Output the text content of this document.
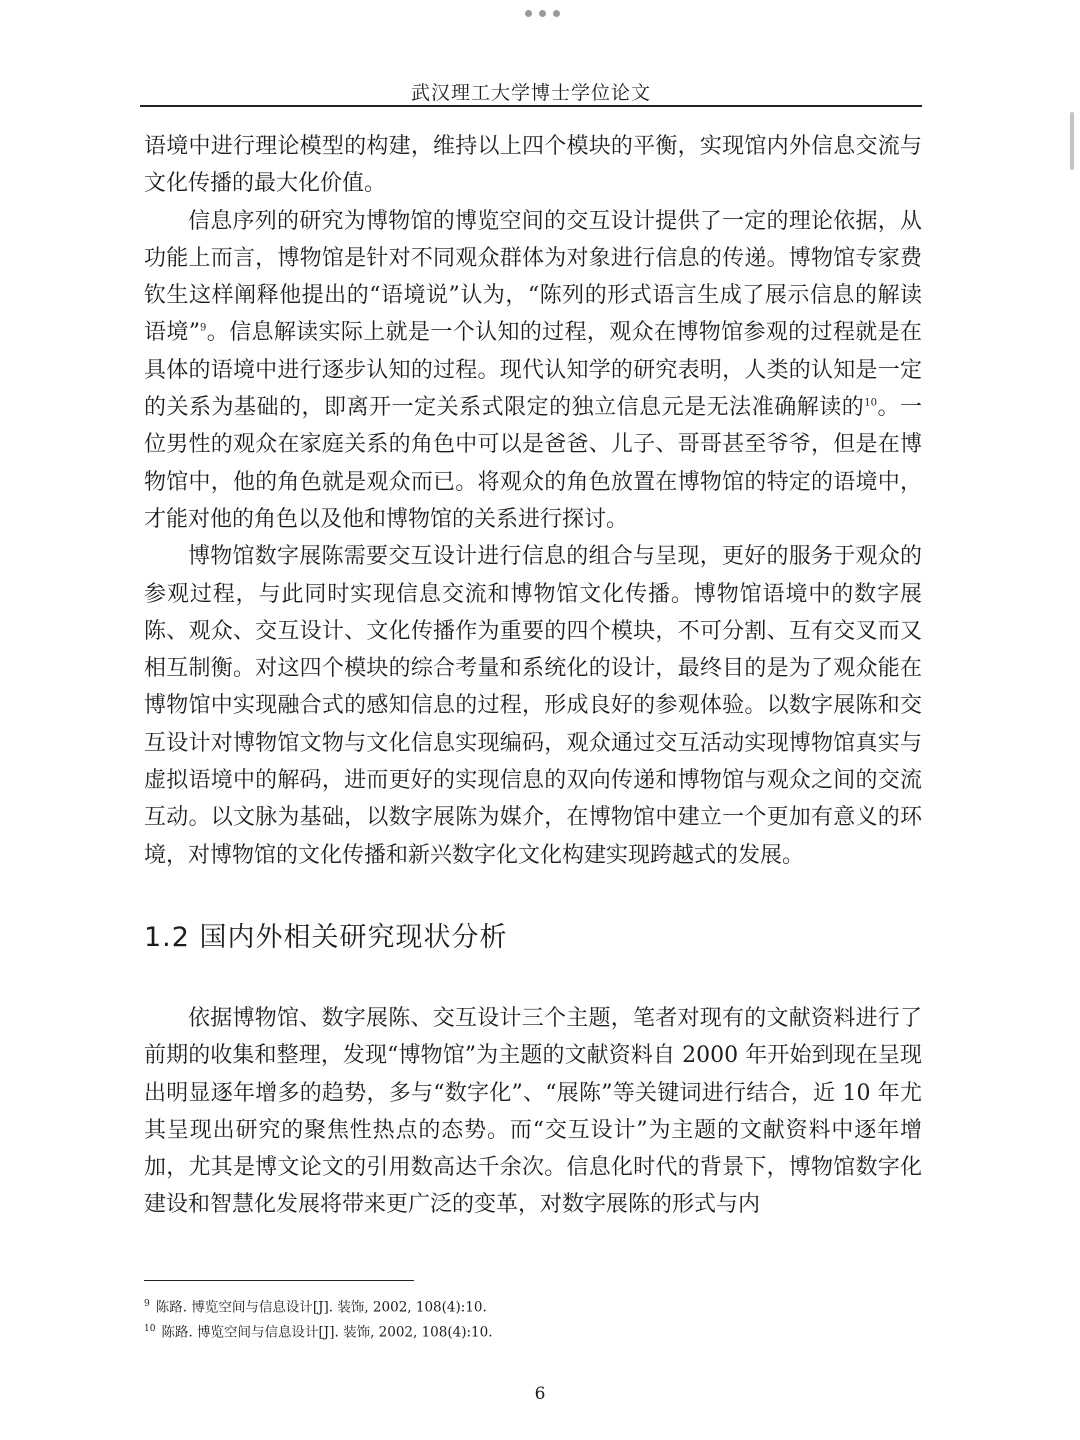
武汉理工大学博士学位论文

语境中进行理论模型的构建，维持以上四个模块的平衡，实现馆内外信息交流与文化传播的最大化价值。

信息序列的研究为博物馆的博览空间的交互设计提供了一定的理论依据，从功能上而言，博物馆是针对不同观众群体为对象进行信息的传递。博物馆专家费钦生这样阐释他提出的“语境说”认为，“陈列的形式语言生成了展示信息的解读语境”$^9$。信息解读实际上就是一个认知的过程，观众在博物馆参观的过程就是在具体的语境中进行逐步认知的过程。现代认知学的研究表明，人类的认知是一定的关系为基础的，即离开一定关系式限定的独立信息元是无法准确解读的$^{10}$。一位男性的观众在家庭关系的角色中可以是爸爸、儿子、哥哥甚至爷爷，但是在博物馆中，他的角色就是观众而已。将观众的角色放置在博物馆的特定的语境中，才能对他的角色以及他和博物馆的关系进行探讨。

博物馆数字展陈需要交互设计进行信息的组合与呈现，更好的服务于观众的参观过程，与此同时实现信息交流和博物馆文化传播。博物馆语境中的数字展陈、观众、交互设计、文化传播作为重要的四个模块，不可分割、互有交叉而又相互制衡。对这四个模块的综合考量和系统化的设计，最终目的是为了观众能在博物馆中实现融合式的感知信息的过程，形成良好的参观体验。以数字展陈和交互设计对博物馆文物与文化信息实现编码，观众通过交互活动实现博物馆真实与虚拟语境中的解码，进而更好的实现信息的双向传递和博物馆与观众之间的交流互动。以文脉为基础，以数字展陈为媒介，在博物馆中建立一个更加有意义的环境，对博物馆的文化传播和新兴数字化文化构建实现跨越式的发展。

1.2 国内外相关研究现状分析

依据博物馆、数字展陈、交互设计三个主题，笔者对现有的文献资料进行了前期的收集和整理，发现“博物馆”为主题的文献资料自 2000 年开始到现在呈现出明显逐年增多的趋势，多与“数字化”、“展陈”等关键词进行结合，近 10 年尤其呈现出研究的聚焦性热点的态势。而“交互设计”为主题的文献资料中逐年增加，尤其是博文论文的引用数高达千余次。信息化时代的背景下，博物馆数字化建设和智慧化发展将带来更广泛的变革，对数字展陈的形式与内

$^9$ 陈路. 博览空间与信息设计[J]. 装饰, 2002, 108(4):10.
$^{10}$ 陈路. 博览空间与信息设计[J]. 装饰, 2002, 108(4):10.
6
